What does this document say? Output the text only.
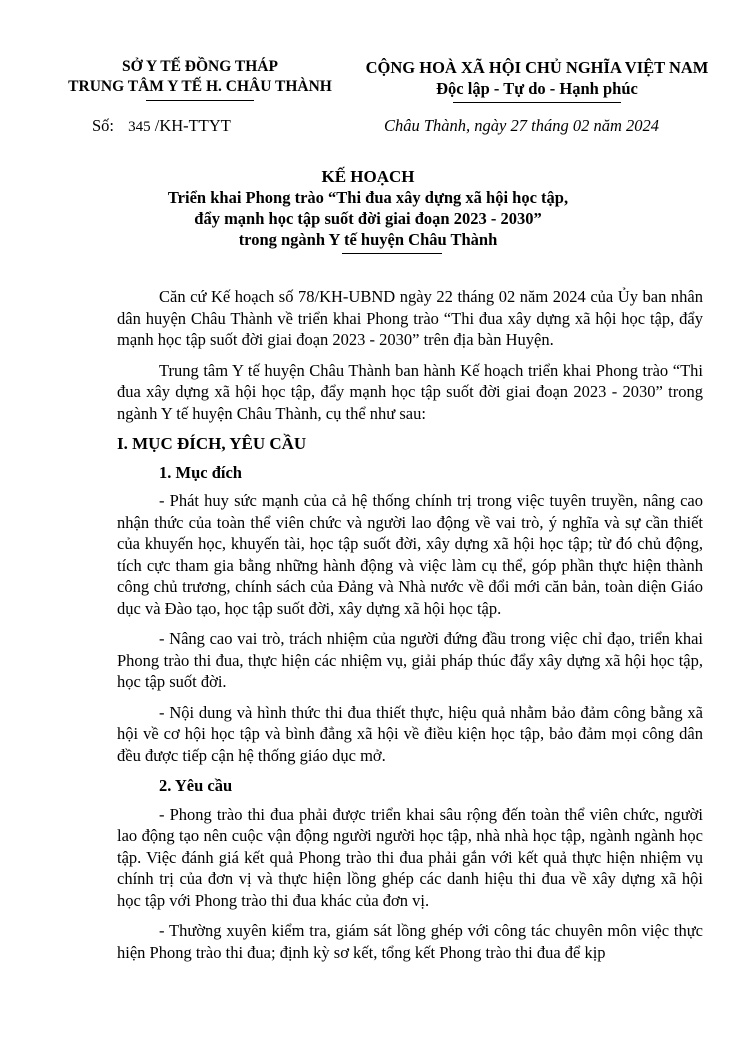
SỞ Y TẾ ĐỒNG THÁP
TRUNG TÂM Y TẾ H. CHÂU THÀNH
CỘNG HOÀ XÃ HỘI CHỦ NGHĨA VIỆT NAM
Độc lập - Tự do - Hạnh phúc
Số: 345 /KH-TTYT	Châu Thành, ngày 27 tháng 02 năm 2024
KẾ HOẠCH
Triển khai Phong trào “Thi đua xây dựng xã hội học tập,
đẩy mạnh học tập suốt đời giai đoạn 2023 - 2030”
trong ngành Y tế huyện Châu Thành

Căn cứ Kế hoạch số 78/KH-UBND ngày 22 tháng 02 năm 2024 của Ủy ban nhân dân huyện Châu Thành về triển khai Phong trào “Thi đua xây dựng xã hội học tập, đẩy mạnh học tập suốt đời giai đoạn 2023 - 2030” trên địa bàn Huyện.

Trung tâm Y tế huyện Châu Thành ban hành Kế hoạch triển khai Phong trào “Thi đua xây dựng xã hội học tập, đẩy mạnh học tập suốt đời giai đoạn 2023 - 2030” trong ngành Y tế huyện Châu Thành, cụ thể như sau:

I. MỤC ĐÍCH, YÊU CẦU
1. Mục đích

- Phát huy sức mạnh của cả hệ thống chính trị trong việc tuyên truyền, nâng cao nhận thức của toàn thể viên chức và người lao động về vai trò, ý nghĩa và sự cần thiết của khuyến học, khuyến tài, học tập suốt đời, xây dựng xã hội học tập; từ đó chủ động, tích cực tham gia bằng những hành động và việc làm cụ thể, góp phần thực hiện thành công chủ trương, chính sách của Đảng và Nhà nước về đổi mới căn bản, toàn diện Giáo dục và Đào tạo, học tập suốt đời, xây dựng xã hội học tập.

- Nâng cao vai trò, trách nhiệm của người đứng đầu trong việc chỉ đạo, triển khai Phong trào thi đua, thực hiện các nhiệm vụ, giải pháp thúc đẩy xây dựng xã hội học tập, học tập suốt đời.

- Nội dung và hình thức thi đua thiết thực, hiệu quả nhằm bảo đảm công bằng xã hội về cơ hội học tập và bình đẳng xã hội về điều kiện học tập, bảo đảm mọi công dân đều được tiếp cận hệ thống giáo dục mở.

2. Yêu cầu

- Phong trào thi đua phải được triển khai sâu rộng đến toàn thể viên chức, người lao động tạo nên cuộc vận động người người học tập, nhà nhà học tập, ngành ngành học tập. Việc đánh giá kết quả Phong trào thi đua phải gắn với kết quả thực hiện nhiệm vụ chính trị của đơn vị và thực hiện lồng ghép các danh hiệu thi đua về xây dựng xã hội học tập với Phong trào thi đua khác của đơn vị.

- Thường xuyên kiểm tra, giám sát lồng ghép với công tác chuyên môn việc thực hiện Phong trào thi đua; định kỳ sơ kết, tổng kết Phong trào thi đua để kịp
